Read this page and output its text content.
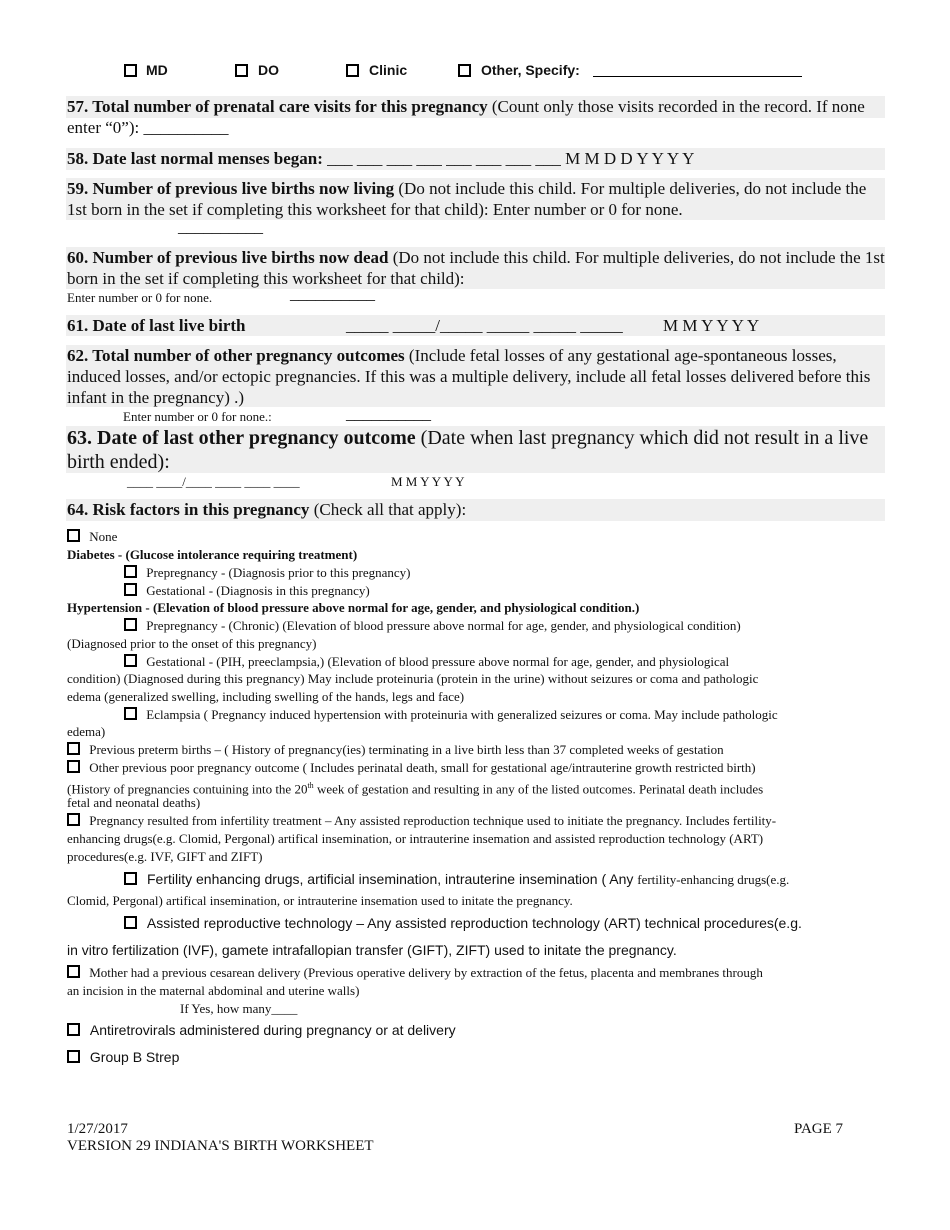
MD	DO	Clinic	Other, Specify:
57. Total number of prenatal care visits for this pregnancy (Count only those visits recorded in the record. If none enter “0”): __________
58. Date last normal menses began: ___ ___ ___ ___ ___ ___ ___ ___ M M D D Y Y Y Y
59. Number of previous live births now living (Do not include this child. For multiple deliveries, do not include the 1st born in the set if completing this worksheet for that child): Enter number or 0 for none.
__________
60. Number of previous live births now dead (Do not include this child. For multiple deliveries, do not include the 1st born in the set if completing this worksheet for that child):
Enter number or 0 for none.	__________
61. Date of last live birth	_____ _____/_____ _____ _____ _____ M M Y Y Y Y
62. Total number of other pregnancy outcomes (Include fetal losses of any gestational age-spontaneous losses, induced losses, and/or ectopic pregnancies. If this was a multiple delivery, include all fetal losses delivered before this infant in the pregnancy) .)
Enter number or 0 for none.:	__________
63. Date of last other pregnancy outcome (Date when last pregnancy which did not result in a live birth ended):
____ ____/____ ____ ____ ____	M M Y Y Y Y
64. Risk factors in this pregnancy (Check all that apply):
None
Diabetes - (Glucose intolerance requiring treatment)
Prepregnancy - (Diagnosis prior to this pregnancy)
Gestational - (Diagnosis in this pregnancy)
Hypertension - (Elevation of blood pressure above normal for age, gender, and physiological condition.)
Prepregnancy - (Chronic) (Elevation of blood pressure above normal for age, gender, and physiological condition)
(Diagnosed prior to the onset of this pregnancy)
Gestational - (PIH, preeclampsia,) (Elevation of blood pressure above normal for age, gender, and physiological
condition) (Diagnosed during this pregnancy) May include proteinuria (protein in the urine) without seizures or coma and pathologic
edema (generalized swelling, including swelling of the hands, legs and face)
Eclampsia ( Pregnancy induced hypertension with proteinuria with generalized seizures or coma. May include pathologic
edema)
Previous preterm births – ( History of pregnancy(ies) terminating in a live birth less than 37 completed weeks of gestation
Other previous poor pregnancy outcome ( Includes perinatal death, small for gestational age/intrauterine growth restricted birth)
(History of pregnancies contuining into the 20th week of gestation and resulting in any of the listed outcomes. Perinatal death includes
fetal and neonatal deaths)
Pregnancy resulted from infertility treatment – Any assisted reproduction technique used to initiate the pregnancy. Includes fertility-
enhancing drugs(e.g. Clomid, Pergonal) artifical insemination, or intrauterine insemation and assisted reproduction technology (ART)
procedures(e.g. IVF, GIFT and ZIFT)
Fertility enhancing drugs, artificial insemination, intrauterine insemination ( Any fertility-enhancing drugs(e.g.
Clomid, Pergonal) artifical insemination, or intrauterine insemation used to initate the pregnancy.
Assisted reproductive technology – Any assisted reproduction technology (ART) technical procedures(e.g.
in vitro fertilization (IVF), gamete intrafallopian transfer (GIFT), ZIFT) used to initate the pregnancy.
Mother had a previous cesarean delivery (Previous operative delivery by extraction of the fetus, placenta and membranes through
an incision in the maternal abdominal and uterine walls)
If Yes, how many____
Antiretrovirals administered during pregnancy or at delivery
Group B Strep
1/27/2017
VERSION 29 INDIANA'S BIRTH WORKSHEET
PAGE 7
